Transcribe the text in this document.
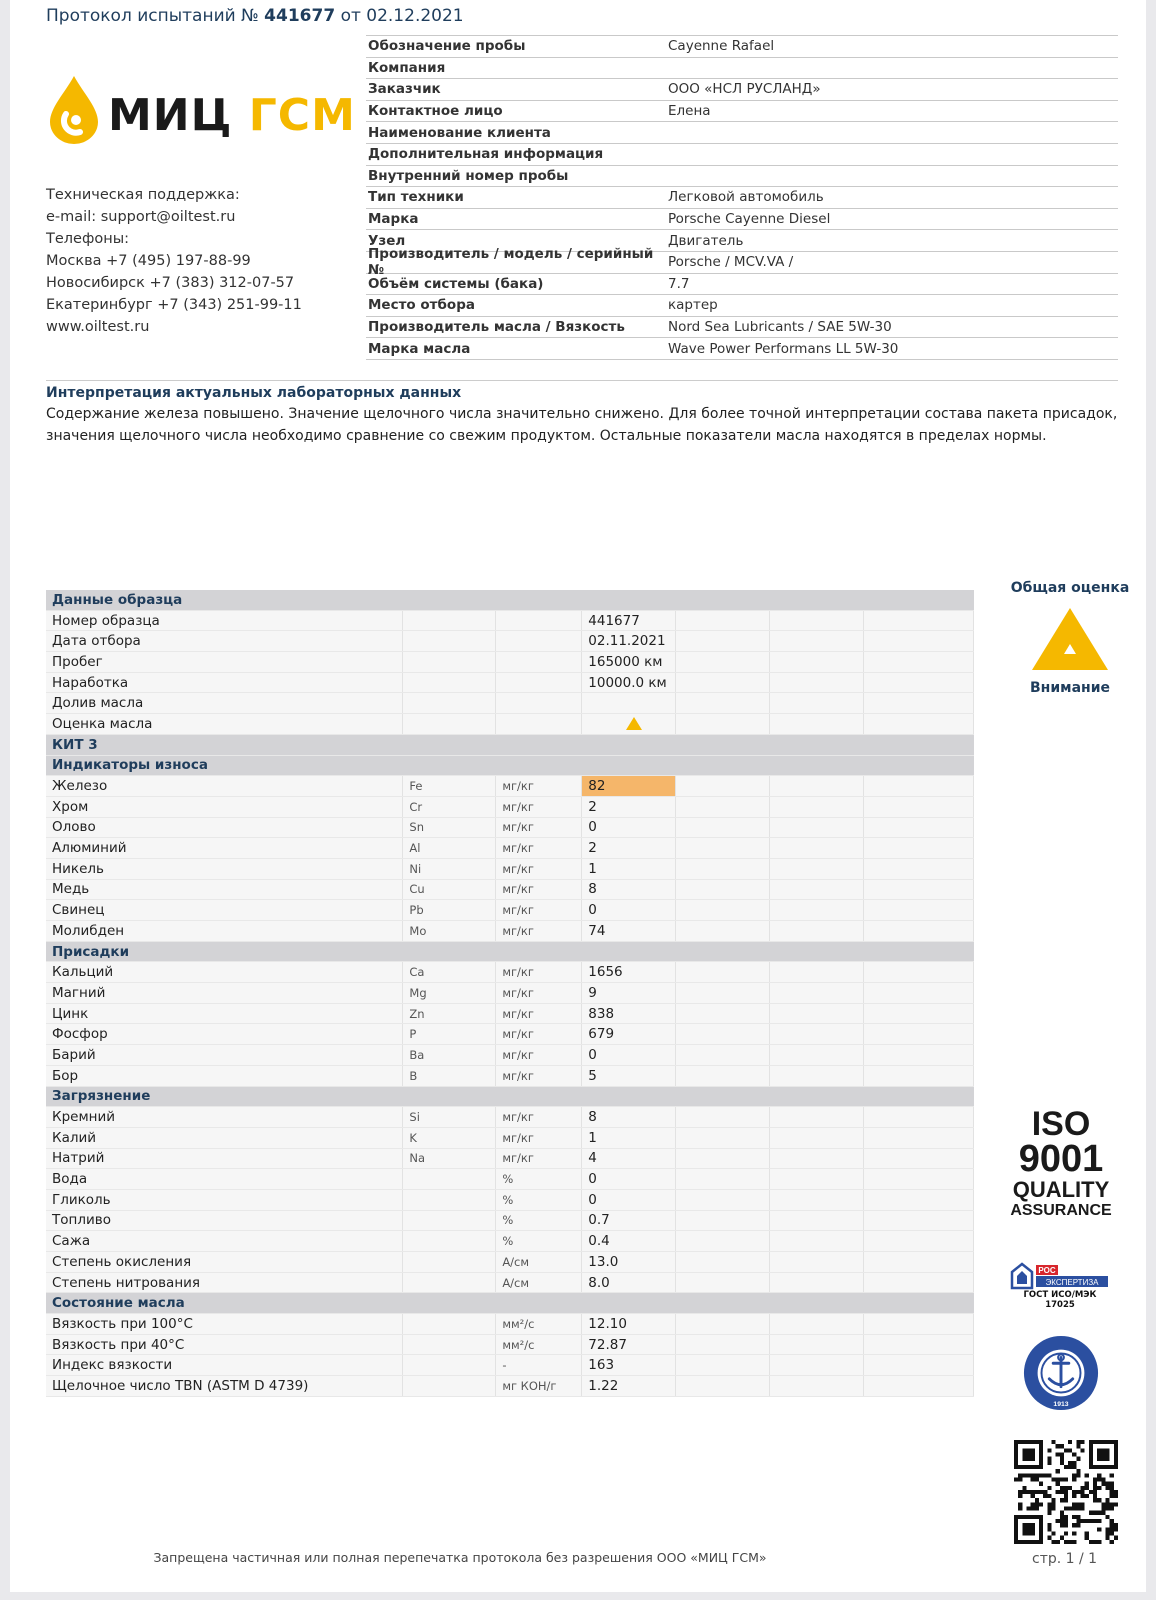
Протокол испытаний № 441677 от 02.12.2021
МИЦ ГСМ
Техническая поддержка:
e-mail: support@oiltest.ru
Телефоны:
Москва +7 (495) 197-88-99
Новосибирск +7 (383) 312-07-57
Екатеринбург +7 (343) 251-99-11
www.oiltest.ru
Обозначение пробы	Cayenne Rafael
Компания
Заказчик	ООО «НСЛ РУСЛАНД»
Контактное лицо	Елена
Наименование клиента
Дополнительная информация
Внутренний номер пробы
Тип техники	Легковой автомобиль
Марка	Porsche Cayenne Diesel
Узел	Двигатель
Производитель / модель / серийный №	Porsche / MCV.VA /
Объём системы (бака)	7.7
Место отбора	картер
Производитель масла / Вязкость	Nord Sea Lubricants / SAE 5W-30
Марка масла	Wave Power Performans LL 5W-30
Интерпретация актуальных лабораторных данных
Содержание железа повышено. Значение щелочного числа значительно снижено. Для более точной интерпретации состава пакета присадок, значения щелочного числа необходимо сравнение со свежим продуктом. Остальные показатели масла находятся в пределах нормы.
Данные образца						
Номер образца			441677			
Дата отбора			02.11.2021			
Пробег			165000 км			
Наработка			10000.0 км			
Долив масла						
Оценка масла			

КИТ 3						
Индикаторы износа						
Железо	Fe	мг/кг	82			
Хром	Cr	мг/кг	2			
Олово	Sn	мг/кг	0			
Алюминий	Al	мг/кг	2			
Никель	Ni	мг/кг	1			
Медь	Cu	мг/кг	8			
Свинец	Pb	мг/кг	0			
Молибден	Mo	мг/кг	74			
Присадки						
Кальций	Ca	мг/кг	1656			
Магний	Mg	мг/кг	9			
Цинк	Zn	мг/кг	838			
Фосфор	P	мг/кг	679			
Барий	Ba	мг/кг	0			
Бор	B	мг/кг	5			
Загрязнение						
Кремний	Si	мг/кг	8			
Калий	K	мг/кг	1			
Натрий	Na	мг/кг	4			
Вода		%	0			
Гликоль		%	0			
Топливо		%	0.7			
Сажа		%	0.4			
Степень окисления		А/см	13.0			
Степень нитрования		А/см	8.0			
Состояние масла						
Вязкость при 100°С		мм²/с	12.10			
Вязкость при 40°С		мм²/с	72.87			
Индекс вязкости		-	163			
Щелочное число TBN (ASTM D 4739)		мг КОН/г	1.22			
Общая оценка
Внимание
ISO
9001
QUALITY
ASSURANCE
РОС
ЭКСПЕРТИЗА
ГОСТ ИСО/МЭК
17025
1913
Запрещена частичная или полная перепечатка протокола без разрешения ООО «МИЦ ГСМ»	стр. 1 / 1
